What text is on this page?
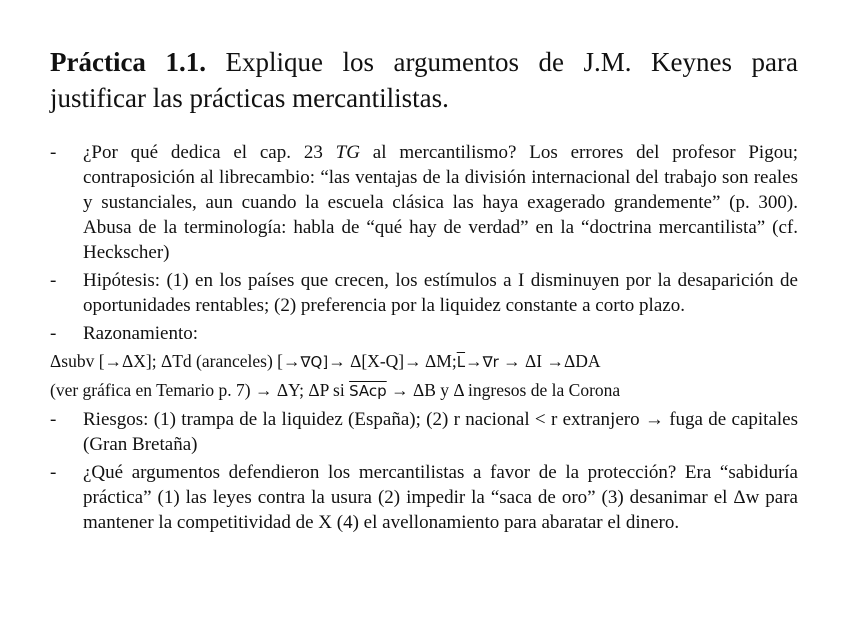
Práctica 1.1. Explique los argumentos de J.M. Keynes para justificar las prácticas mercantilistas.
- ¿Por qué dedica el cap. 23 TG al mercantilismo? Los errores del profesor Pigou; contraposición al librecambio: “las ventajas de la división internacional del trabajo son reales y sustanciales, aun cuando la escuela clásica las haya exagerado grandemente” (p. 300). Abusa de la terminología: habla de “qué hay de verdad” en la “doctrina mercantilista” (cf. Heckscher)
- Hipótesis: (1) en los países que crecen, los estímulos a I disminuyen por la desaparición de oportunidades rentables; (2) preferencia por la liquidez constante a corto plazo.
- Razonamiento:
Δsubv [→ΔX]; ΔTd (aranceles) $[\to\nabla Q]\to \Delta[X-Q]\to \Delta M;\overline{L}\to\nabla r \to \Delta I \to\Delta DA$
(ver gráfica en Temario p. 7) → ΔY; ΔP si SAcp → ΔB y Δ ingresos de la Corona
- Riesgos: (1) trampa de la liquidez (España); (2) r nacional < r extranjero → fuga de capitales (Gran Bretaña)
- ¿Qué argumentos defendieron los mercantilistas a favor de la protección? Era “sabiduría práctica” (1) las leyes contra la usura (2) impedir la “saca de oro” (3) desanimar el Δw para mantener la competitividad de X (4) el avellonamiento para abaratar el dinero.
